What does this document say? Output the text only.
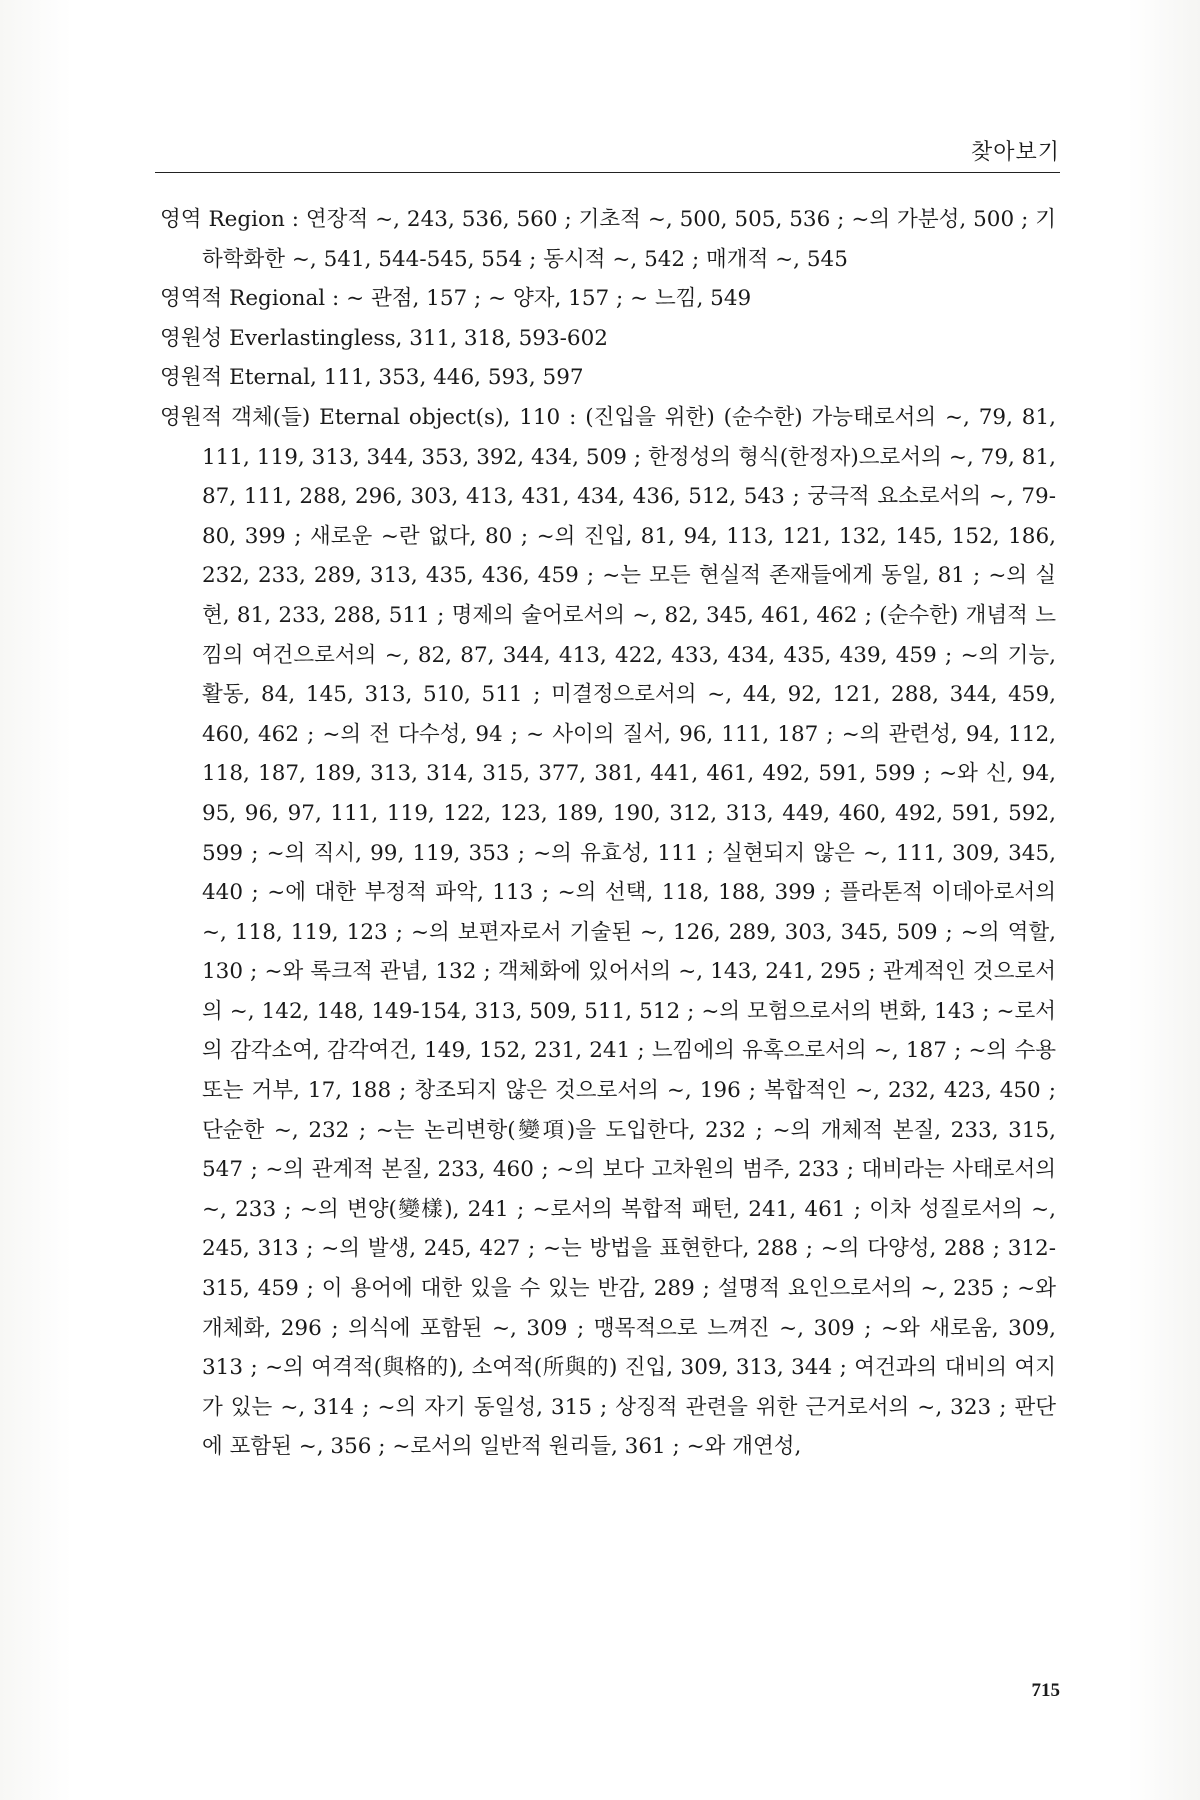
찾아보기
영역 Region : 연장적 ~, 243, 536, 560 ; 기초적 ~, 500, 505, 536 ; ~의 가분성, 500 ; 기하학화한 ~, 541, 544-545, 554 ; 동시적 ~, 542 ; 매개적 ~, 545
영역적 Regional : ~ 관점, 157 ; ~ 양자, 157 ; ~ 느낌, 549
영원성 Everlastingless, 311, 318, 593-602
영원적 Eternal, 111, 353, 446, 593, 597
영원적 객체(들) Eternal object(s), 110 : (진입을 위한) (순수한) 가능태로서의 ~, 79, 81, 111, 119, 313, 344, 353, 392, 434, 509 ; 한정성의 형식(한정자)으로서의 ~, 79, 81, 87, 111, 288, 296, 303, 413, 431, 434, 436, 512, 543 ; 궁극적 요소로서의 ~, 79-80, 399 ; 새로운 ~란 없다, 80 ; ~의 진입, 81, 94, 113, 121, 132, 145, 152, 186, 232, 233, 289, 313, 435, 436, 459 ; ~는 모든 현실적 존재들에게 동일, 81 ; ~의 실현, 81, 233, 288, 511 ; 명제의 술어로서의 ~, 82, 345, 461, 462 ; (순수한) 개념적 느낌의 여건으로서의 ~, 82, 87, 344, 413, 422, 433, 434, 435, 439, 459 ; ~의 기능, 활동, 84, 145, 313, 510, 511 ; 미결정으로서의 ~, 44, 92, 121, 288, 344, 459, 460, 462 ; ~의 전 다수성, 94 ; ~ 사이의 질서, 96, 111, 187 ; ~의 관련성, 94, 112, 118, 187, 189, 313, 314, 315, 377, 381, 441, 461, 492, 591, 599 ; ~와 신, 94, 95, 96, 97, 111, 119, 122, 123, 189, 190, 312, 313, 449, 460, 492, 591, 592, 599 ; ~의 직시, 99, 119, 353 ; ~의 유효성, 111 ; 실현되지 않은 ~, 111, 309, 345, 440 ; ~에 대한 부정적 파악, 113 ; ~의 선택, 118, 188, 399 ; 플라톤적 이데아로서의 ~, 118, 119, 123 ; ~의 보편자로서 기술된 ~, 126, 289, 303, 345, 509 ; ~의 역할, 130 ; ~와 록크적 관념, 132 ; 객체화에 있어서의 ~, 143, 241, 295 ; 관계적인 것으로서의 ~, 142, 148, 149-154, 313, 509, 511, 512 ; ~의 모험으로서의 변화, 143 ; ~로서의 감각소여, 감각여건, 149, 152, 231, 241 ; 느낌에의 유혹으로서의 ~, 187 ; ~의 수용 또는 거부, 17, 188 ; 창조되지 않은 것으로서의 ~, 196 ; 복합적인 ~, 232, 423, 450 ; 단순한 ~, 232 ; ~는 논리변항(變項)을 도입한다, 232 ; ~의 개체적 본질, 233, 315, 547 ; ~의 관계적 본질, 233, 460 ; ~의 보다 고차원의 범주, 233 ; 대비라는 사태로서의 ~, 233 ; ~의 변양(變樣), 241 ; ~로서의 복합적 패턴, 241, 461 ; 이차 성질로서의 ~, 245, 313 ; ~의 발생, 245, 427 ; ~는 방법을 표현한다, 288 ; ~의 다양성, 288 ; 312-315, 459 ; 이 용어에 대한 있을 수 있는 반감, 289 ; 설명적 요인으로서의 ~, 235 ; ~와 개체화, 296 ; 의식에 포함된 ~, 309 ; 맹목적으로 느껴진 ~, 309 ; ~와 새로움, 309, 313 ; ~의 여격적(與格的), 소여적(所與的) 진입, 309, 313, 344 ; 여건과의 대비의 여지가 있는 ~, 314 ; ~의 자기 동일성, 315 ; 상징적 관련을 위한 근거로서의 ~, 323 ; 판단에 포함된 ~, 356 ; ~로서의 일반적 원리들, 361 ; ~와 개연성,
715
